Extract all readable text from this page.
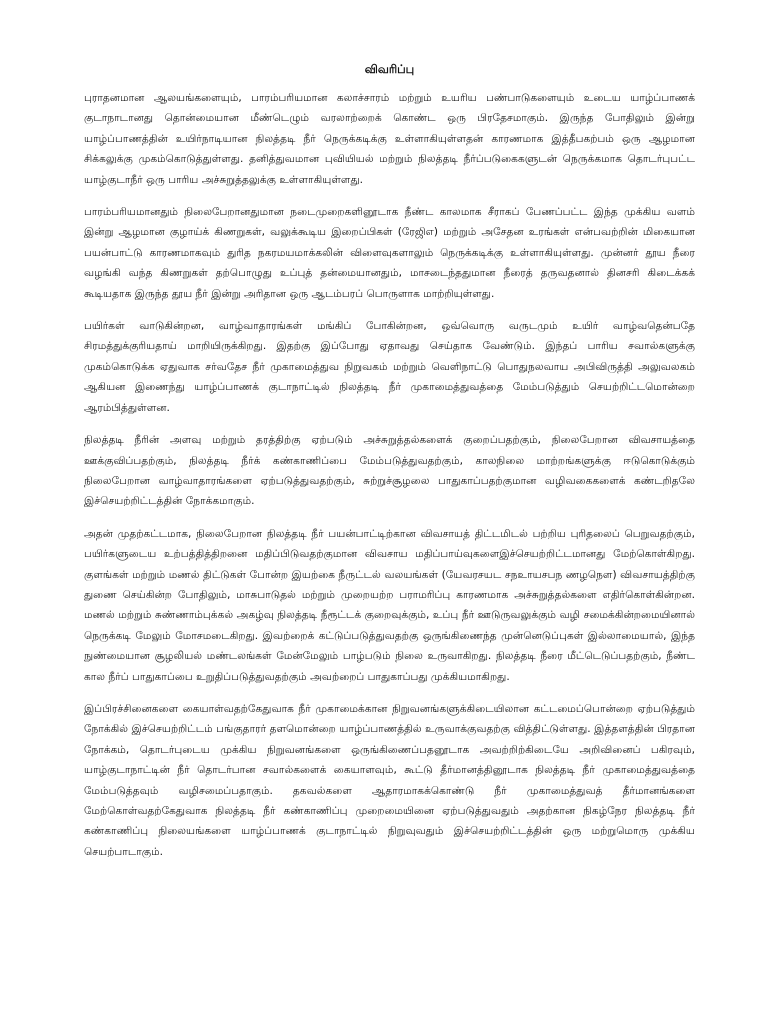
விவரிப்பு

புராதனமான ஆலயங்களையும், பாரம்பரியமான கலாச்சாரம் மற்றும் உயரிய பண்பாடுகளையும் உடைய யாழ்ப்பாணக் குடாநாடானது தொன்மையான மீண்டெழும் வரலாற்றைக் கொண்ட ஒரு பிரதேசமாகும். இருந்த போதிலும் இன்று யாழ்ப்பாணத்தின் உயிர்நாடியான நிலத்தடி நீர் நெருக்கடிக்கு உள்ளாகியுள்ளதன் காரணமாக இத்தீபகற்பம் ஒரு ஆழமான சிக்கலுக்கு முகம்கொடுத்துள்ளது. தனித்துவமான புவியியல் மற்றும் நிலத்தடி நீர்ப்படுகைகளுடன் நெருக்கமாக தொடர்புபட்ட யாழ்குடாநீர் ஒரு பாரிய அச்சுறுத்தலுக்கு உள்ளாகியுள்ளது.

பாரம்பரியமானதும் நிலைபேறானதுமான நடைமுறைகளினூடாக நீண்ட காலமாக சீராகப் பேணப்பட்ட இந்த முக்கிய வளம் இன்று ஆழமான குழாய்க் கிணறுகள், வலுக்கூடிய இறைப்பிகள் (ரேஜிஎ) மற்றும் அசேதன உரங்கள் என்பவற்றின் மிகையான பயன்பாட்டு காரணமாகவும் துரித நகரமயமாக்கலின் விளைவுகளாலும் நெருக்கடிக்கு உள்ளாகியுள்ளது. முன்னர் தூய நீரை வழங்கி வந்த கிணறுகள் தற்பொழுது உப்புத் தன்மையானதும், மாசடைந்ததுமான நீரைத் தருவதனால் தினசரி கிடைக்கக் கூடியதாக இருந்த தூய நீர் இன்று அரிதான ஒரு ஆடம்பரப் பொருளாக மாற்றியுள்ளது.

பயிர்கள் வாடுகின்றன, வாழ்வாதாரங்கள் மங்கிப் போகின்றன, ஒவ்வொரு வருடமும் உயிர் வாழ்வதென்பதே சிரமத்துக்குரியதாய் மாறியிருக்கிறது. இதற்கு இப்போது ஏதாவது செய்தாக வேண்டும். இந்தப் பாரிய சவால்களுக்கு முகம்கொடுக்க ஏதுவாக சர்வதேச நீர் முகாமைத்துவ நிறுவகம் மற்றும் வெளிநாட்டு பொதுநலவாய அபிவிருத்தி அலுவலகம் ஆகியன இணைந்து யாழ்ப்பாணக் குடாநாட்டில் நிலத்தடி நீர் முகாமைத்துவத்தை மேம்படுத்தும் செயற்றிட்டமொன்றை ஆரம்பித்துள்ளன.

நிலத்தடி நீரின் அளவு மற்றும் தரத்திற்கு ஏற்படும் அச்சுறுத்தல்களைக் குறைப்பதற்கும், நிலைபேறான விவசாயத்தை ஊக்குவிப்பதற்கும், நிலத்தடி நீர்க் கண்காணிப்பை மேம்படுத்துவதற்கும், காலநிலை மாற்றங்களுக்கு ஈடுகொடுக்கும் நிலைபேறான வாழ்வாதாரங்களை ஏற்படுத்துவதற்கும், சுற்றுச்சூழலை பாதுகாப்பதற்குமான வழிவகைகளைக் கண்டறிதலே இச்செயற்றிட்டத்தின் நோக்கமாகும்.

அதன் முதற்கட்டமாக, நிலைபேறான நிலத்தடி நீர் பயன்பாட்டிற்கான விவசாயத் திட்டமிடல் பற்றிய புரிதலைப் பெறுவதற்கும், பயிர்களுடைய உற்பத்தித்திறனை மதிப்பிடுவதற்குமான விவசாய மதிப்பாய்வுகளைஇச்செயற்றிட்டமானது மேற்கொள்கிறது. குளங்கள் மற்றும் மணல் திட்டுகள் போன்ற இயற்கை நீருட்டல் வலயங்கள் (யேவரசயட சநஉாயசபந ணழநௌ) விவசாயத்திற்கு துணை செய்கின்ற போதிலும், மாசுபாடுதல் மற்றும் முறையற்ற பராமரிப்பு காரணமாக அச்சுறுத்தல்களை எதிர்கொள்கின்றன. மணல் மற்றும் சுண்ணாம்புக்கல் அகழ்வு நிலத்தடி நீரூட்டக் குறைவுக்கும், உப்பு நீர் ஊடுருவலுக்கும் வழி சமைக்கின்றமையினால் நெருக்கடி மேலும் மோசமடைகிறது. இவற்றைக் கட்டுப்படுத்துவதற்கு ஒருங்கிணைந்த முன்னெடுப்புகள் இல்லாமையால், இந்த நுண்மையான சூழலியல் மண்டலங்கள் மேன்மேலும் பாழ்படும் நிலை உருவாகிறது. நிலத்தடி நீரை மீட்டெடுப்பதற்கும், நீண்ட கால நீர்ப் பாதுகாப்பை உறுதிப்படுத்துவதற்கும் அவற்றைப் பாதுகாப்பது முக்கியமாகிறது.

இப்பிரச்சினைகளை கையாள்வதற்கேதுவாக நீர் முகாமைக்கான நிறுவனங்களுக்கிடையிலான கட்டமைப்பொன்றை ஏற்படுத்தும் நோக்கில் இச்செயற்றிட்டம் பங்குதாரர் தளமொன்றை யாழ்ப்பாணத்தில் உருவாக்குவதற்கு வித்திட்டுள்ளது. இத்தளத்தின் பிரதான நோக்கம், தொடர்புடைய முக்கிய நிறுவனங்களை ஒருங்கிணைப்பதனூடாக அவற்றிற்கிடையே அறிவினைப் பகிரவும், யாழ்குடாநாட்டின் நீர் தொடர்பான சவால்களைக் கையாளவும், கூட்டு தீர்மானத்தினூடாக நிலத்தடி நீர் முகாமைத்துவத்தை மேம்படுத்தவும் வழிசமைப்பதாகும். தகவல்களை ஆதாரமாகக்கொண்டு நீர் முகாமைத்துவத் தீர்மானங்களை மேற்கொள்வதற்கேதுவாக நிலத்தடி நீர் கண்காணிப்பு முறைமையினை ஏற்படுத்துவதும் அதற்கான நிகழ்நேர நிலத்தடி நீர் கண்காணிப்பு நிலையங்களை யாழ்ப்பாணக் குடாநாட்டில் நிறுவுவதும் இச்செயற்றிட்டத்தின் ஒரு மற்றுமொரு முக்கிய செயற்பாடாகும்.
